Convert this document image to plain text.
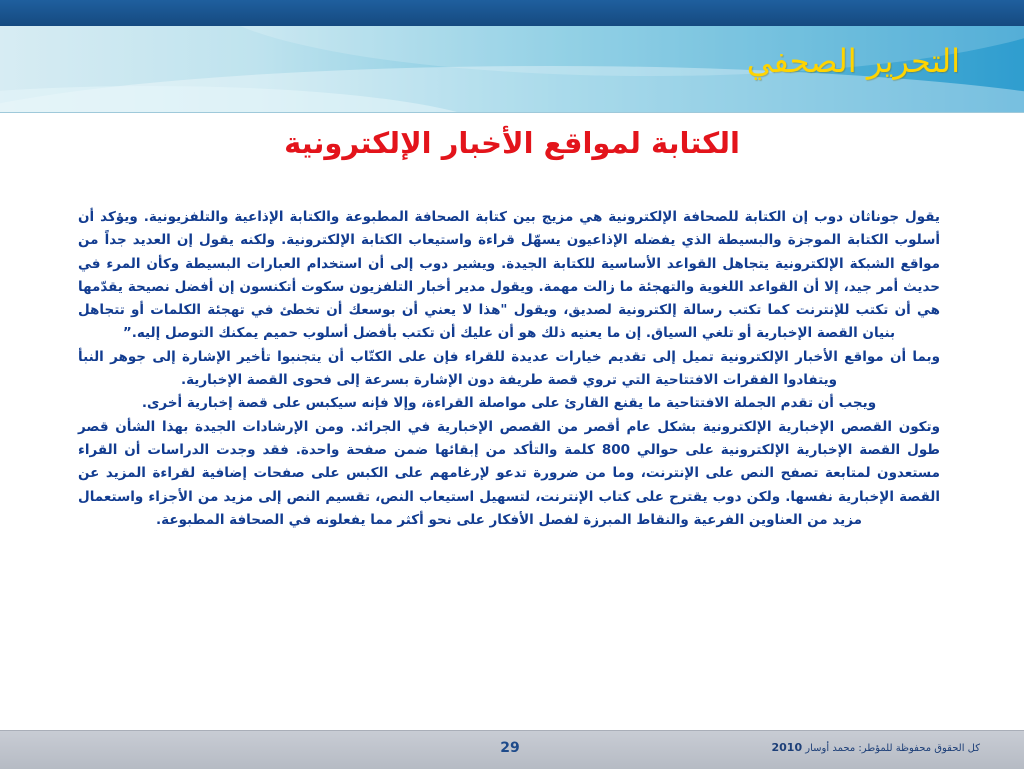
التحرير الصحفي
الكتابة لمواقع الأخبار الإلكترونية

يقول جوناثان دوب إن الكتابة للصحافة الإلكترونية هي مزيج بين كتابة الصحافة المطبوعة والكتابة الإذاعية والتلفزيونية. ويؤكد أن أسلوب الكتابة الموجزة والبسيطة الذي يفضله الإذاعيون يسهّل قراءة واستيعاب الكتابة الإلكترونية. ولكنه يقول إن العديد جداً من مواقع الشبكة الإلكترونية يتجاهل القواعد الأساسية للكتابة الجيدة. ويشير دوب إلى أن استخدام العبارات البسيطة وكأن المرء في حديث أمر جيد، إلا أن القواعد اللغوية والتهجئة ما زالت مهمة. ويقول مدير أخبار التلفزيون سكوت أتكنسون إن أفضل نصيحة يقدّمها هي أن تكتب للإنترنت كما تكتب رسالة إلكترونية لصديق، ويقول "هذا لا يعني أن بوسعك أن تخطئ في تهجئة الكلمات أو تتجاهل بنيان القصة الإخبارية أو تلغي السياق. إن ما يعنيه ذلك هو أن عليك أن تكتب بأفضل أسلوب حميم يمكنك التوصل إليه.”

وبما أن مواقع الأخبار الإلكترونية تميل إلى تقديم خيارات عديدة للقراء فإن على الكتّاب أن يتجنبوا تأخير الإشارة إلى جوهر النبأ ويتفادوا الفقرات الافتتاحية التي تروي قصة طريفة دون الإشارة بسرعة إلى فحوى القصة الإخبارية.

ويجب أن تقدم الجملة الافتتاحية ما يقنع القارئ على مواصلة القراءة، وإلا فإنه سيكبس على قصة إخبارية أخرى.

وتكون القصص الإخبارية الإلكترونية بشكل عام أقصر من القصص الإخبارية في الجرائد. ومن الإرشادات الجيدة بهذا الشأن قصر طول القصة الإخبارية الإلكترونية على حوالي 800 كلمة والتأكد من إبقائها ضمن صفحة واحدة. فقد وجدت الدراسات أن القراء مستعدون لمتابعة تصفح النص على الإنترنت، وما من ضرورة تدعو لإرغامهم على الكبس على صفحات إضافية لقراءة المزيد عن القصة الإخبارية نفسها. ولكن دوب يقترح على كتاب الإنترنت، لتسهيل استيعاب النص، تقسيم النص إلى مزيد من الأجزاء واستعمال مزيد من العناوين الفرعية والنقاط المبرزة لفصل الأفكار على نحو أكثر مما يفعلونه في الصحافة المطبوعة.

29	كل الحقوق محفوظة للمؤطر: محمد أوسار 2010
